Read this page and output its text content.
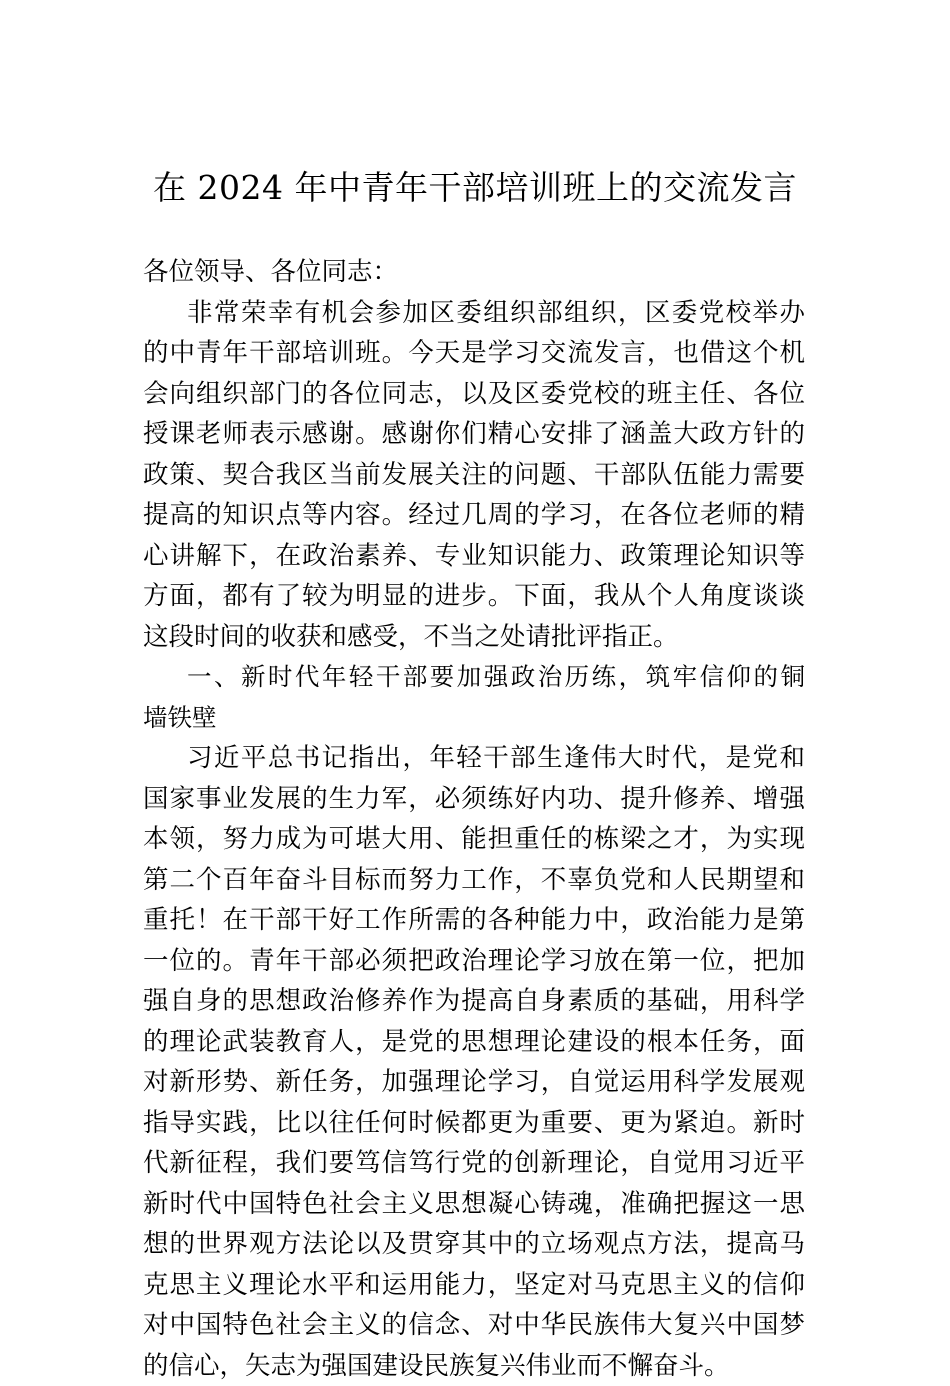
在 2024 年中青年干部培训班上的交流发言
各位领导、各位同志：
非常荣幸有机会参加区委组织部组织，区委党校举办
的中青年干部培训班。今天是学习交流发言，也借这个机
会向组织部门的各位同志，以及区委党校的班主任、各位
授课老师表示感谢。感谢你们精心安排了涵盖大政方针的
政策、契合我区当前发展关注的问题、干部队伍能力需要
提高的知识点等内容。经过几周的学习，在各位老师的精
心讲解下，在政治素养、专业知识能力、政策理论知识等
方面，都有了较为明显的进步。下面，我从个人角度谈谈
这段时间的收获和感受，不当之处请批评指正。
一、新时代年轻干部要加强政治历练，筑牢信仰的铜
墙铁壁
习近平总书记指出，年轻干部生逢伟大时代，是党和
国家事业发展的生力军，必须练好内功、提升修养、增强
本领，努力成为可堪大用、能担重任的栋梁之才，为实现
第二个百年奋斗目标而努力工作，不辜负党和人民期望和
重托！在干部干好工作所需的各种能力中，政治能力是第
一位的。青年干部必须把政治理论学习放在第一位，把加
强自身的思想政治修养作为提高自身素质的基础，用科学
的理论武装教育人，是党的思想理论建设的根本任务，面
对新形势、新任务，加强理论学习，自觉运用科学发展观
指导实践，比以往任何时候都更为重要、更为紧迫。新时
代新征程，我们要笃信笃行党的创新理论，自觉用习近平
新时代中国特色社会主义思想凝心铸魂，准确把握这一思
想的世界观方法论以及贯穿其中的立场观点方法，提高马
克思主义理论水平和运用能力，坚定对马克思主义的信仰
对中国特色社会主义的信念、对中华民族伟大复兴中国梦
的信心，矢志为强国建设民族复兴伟业而不懈奋斗。
